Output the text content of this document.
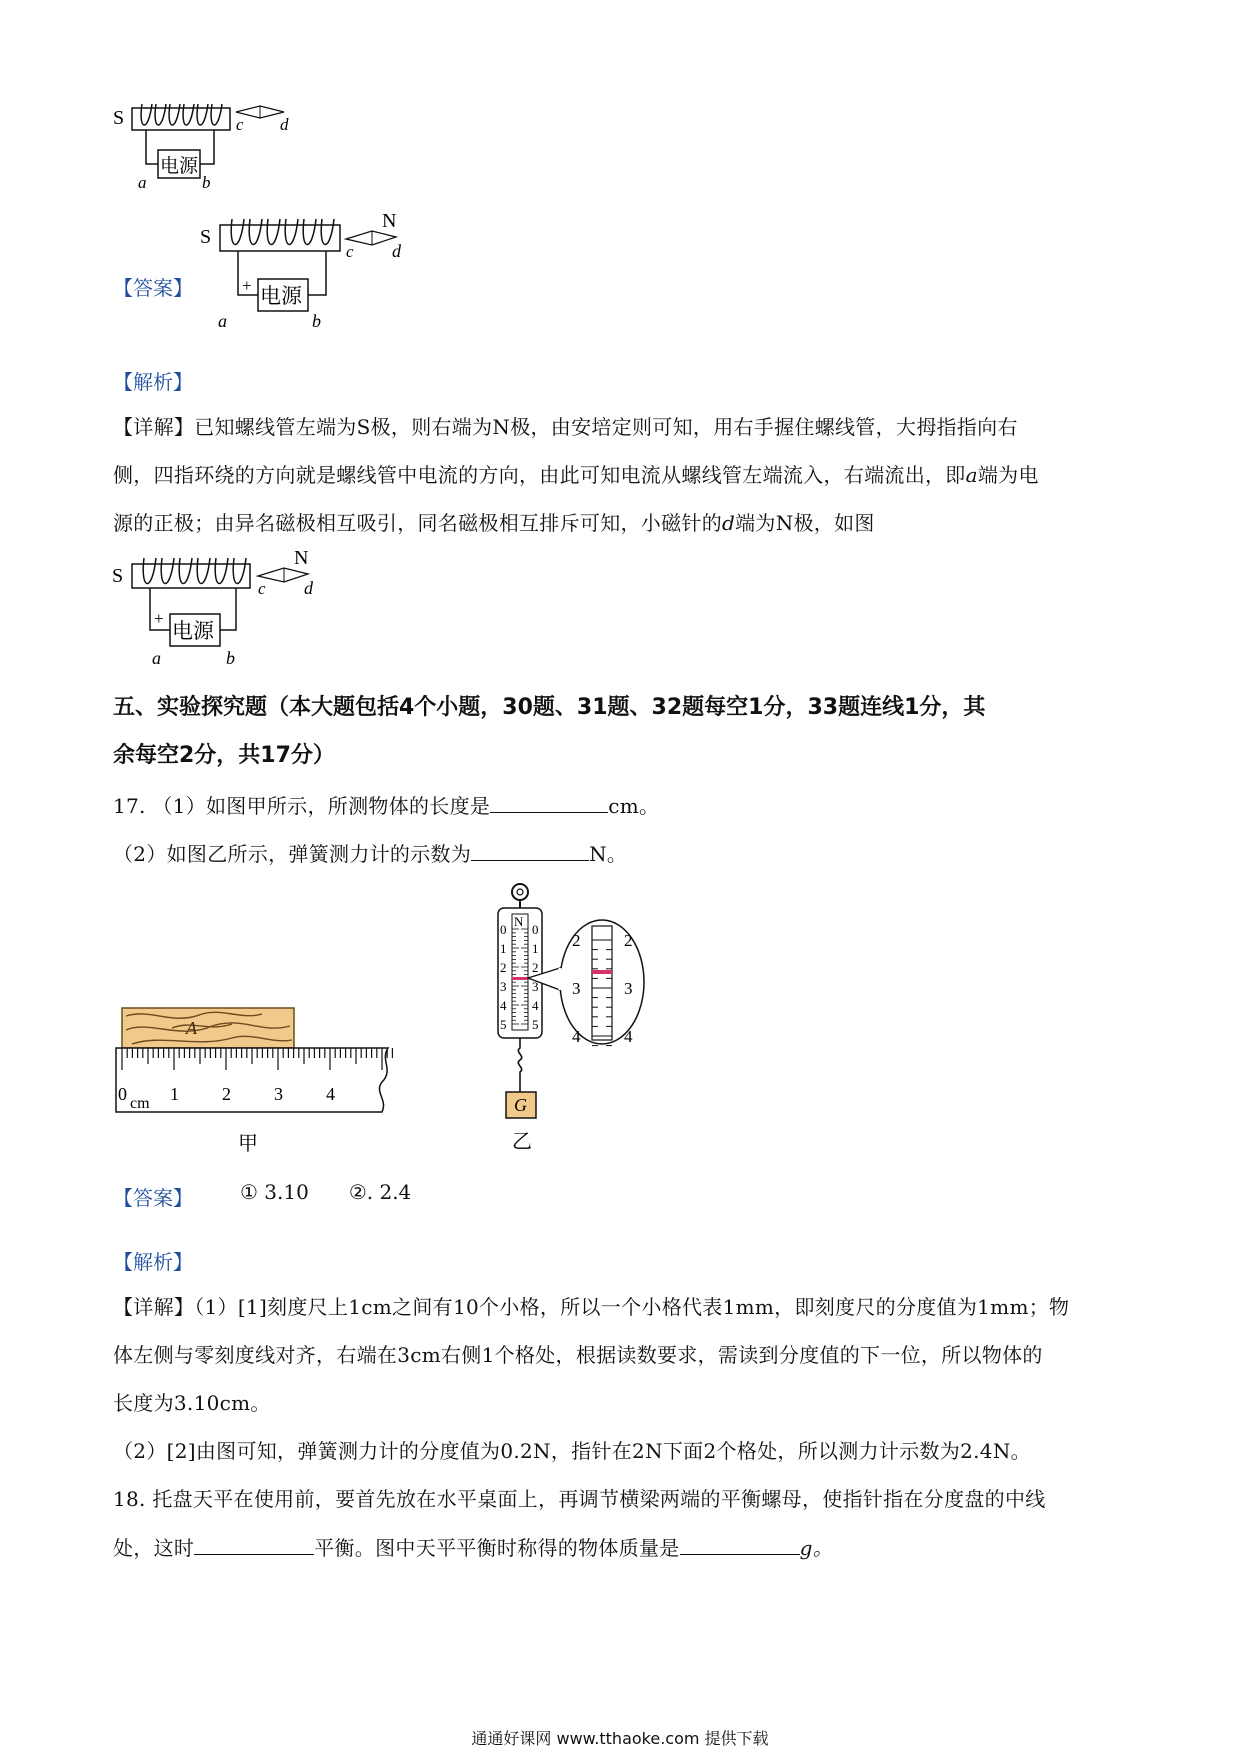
S
电源
a	b
c d
【答案】
S
+ 电源
a	b
N
c d
【解析】
【详解】已知螺线管左端为S极，则右端为N极，由安培定则可知，用右手握住螺线管，大拇指指向右
侧，四指环绕的方向就是螺线管中电流的方向，由此可知电流从螺线管左端流入，右端流出，即a端为电
源的正极；由异名磁极相互吸引，同名磁极相互排斥可知，小磁针的d端为N极，如图
S
+
电源
a	b
N
c d
五、实验探究题（本大题包括4个小题，30题、31题、32题每空1分，33题连线1分，其
余每空2分，共17分）
17. （1）如图甲所示，所测物体的长度是	cm。
（2）如图乙所示，弹簧测力计的示数为	N。
A
0 cm 1 2 3 4
甲
N
0
1
2
3
4
5
0
1
2
3
4
5
G
乙
2
3
4
2
3
4
【答案】 ① 3.10 ②. 2.4
【解析】
【详解】（1）[1]刻度尺上1cm之间有10个小格，所以一个小格代表1mm，即刻度尺的分度值为1mm；物
体左侧与零刻度线对齐，右端在3cm右侧1个格处，根据读数要求，需读到分度值的下一位，所以物体的
长度为3.10cm。
（2）[2]由图可知，弹簧测力计的分度值为0.2N，指针在2N下面2个格处，所以测力计示数为2.4N。
18. 托盘天平在使用前，要首先放在水平桌面上，再调节横梁两端的平衡螺母，使指针指在分度盘的中线
处，这时	平衡。图中天平平衡时称得的物体质量是	g。
通通好课网 www.tthaoke.com 提供下载
